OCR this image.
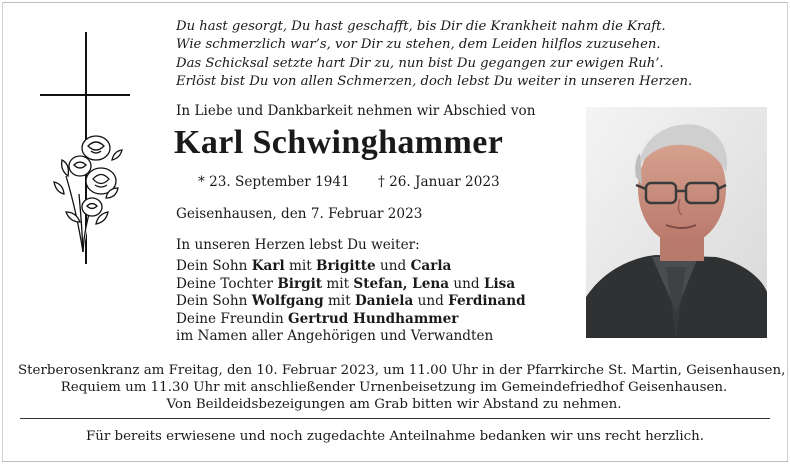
Du hast gesorgt, Du hast geschafft, bis Dir die Krankheit nahm die Kraft.
Wie schmerzlich war’s, vor Dir zu stehen, dem Leiden hilflos zuzusehen.
Das Schicksal setzte hart Dir zu, nun bist Du gegangen zur ewigen Ruh’.
Erlöst bist Du von allen Schmerzen, doch lebst Du weiter in unseren Herzen.
In Liebe und Dankbarkeit nehmen wir Abschied von
Karl Schwinghammer
* 23. September 1941 † 26. Januar 2023
Geisenhausen, den 7. Februar 2023
In unseren Herzen lebst Du weiter:
Dein Sohn Karl mit Brigitte und Carla
Deine Tochter Birgit mit Stefan, Lena und Lisa
Dein Sohn Wolfgang mit Daniela und Ferdinand
Deine Freundin Gertrud Hundhammer
im Namen aller Angehörigen und Verwandten
Sterberosenkranz am Freitag, den 10. Februar 2023, um 11.00 Uhr in der Pfarrkirche St. Martin, Geisenhausen,
Requiem um 11.30 Uhr mit anschließender Urnenbeisetzung im Gemeindefriedhof Geisenhausen.
Von Beildeidsbezeigungen am Grab bitten wir Abstand zu nehmen.
Für bereits erwiesene und noch zugedachte Anteilnahme bedanken wir uns recht herzlich.
